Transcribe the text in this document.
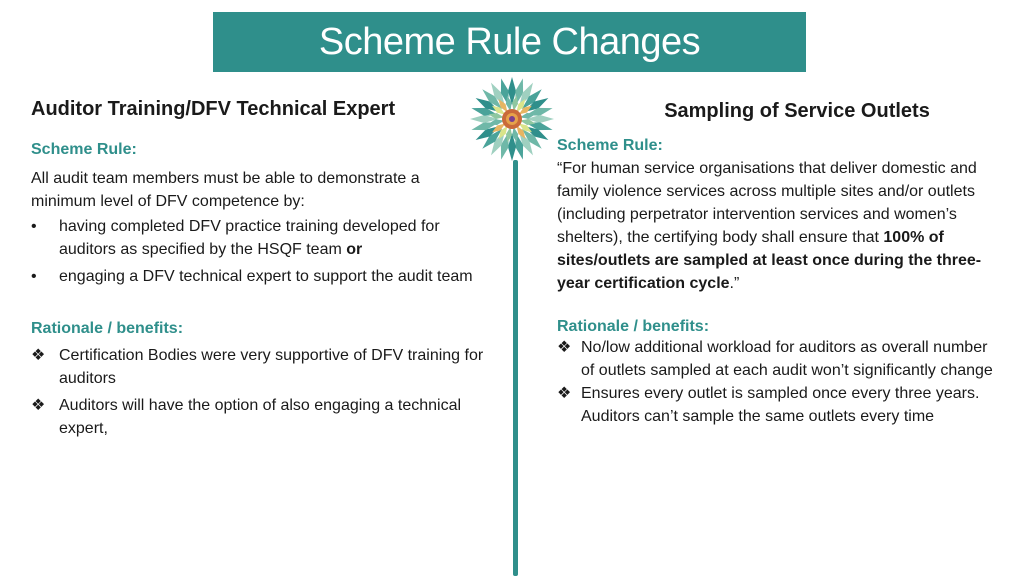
Scheme Rule Changes

Auditor Training/DFV Technical Expert

Scheme Rule:
All audit team members must be able to demonstrate a minimum level of DFV competence by:
•	having completed DFV practice training developed for auditors as specified by the HSQF team or
•	engaging a DFV technical expert to support the audit team
Rationale / benefits:
❖ Certification Bodies were very supportive of DFV training for auditors
❖ Auditors will have the option of also engaging a technical expert,

Sampling of Service Outlets

Scheme Rule:
“For human service organisations that deliver domestic and family violence services across multiple sites and/or outlets (including perpetrator intervention services and women’s shelters), the certifying body shall ensure that 100% of sites/outlets are sampled at least once during the three-year certification cycle.”
Rationale / benefits:
❖ No/low additional workload for auditors as overall number of outlets sampled at each audit won’t significantly change
❖ Ensures every outlet is sampled once every three years. Auditors can’t sample the same outlets every time
